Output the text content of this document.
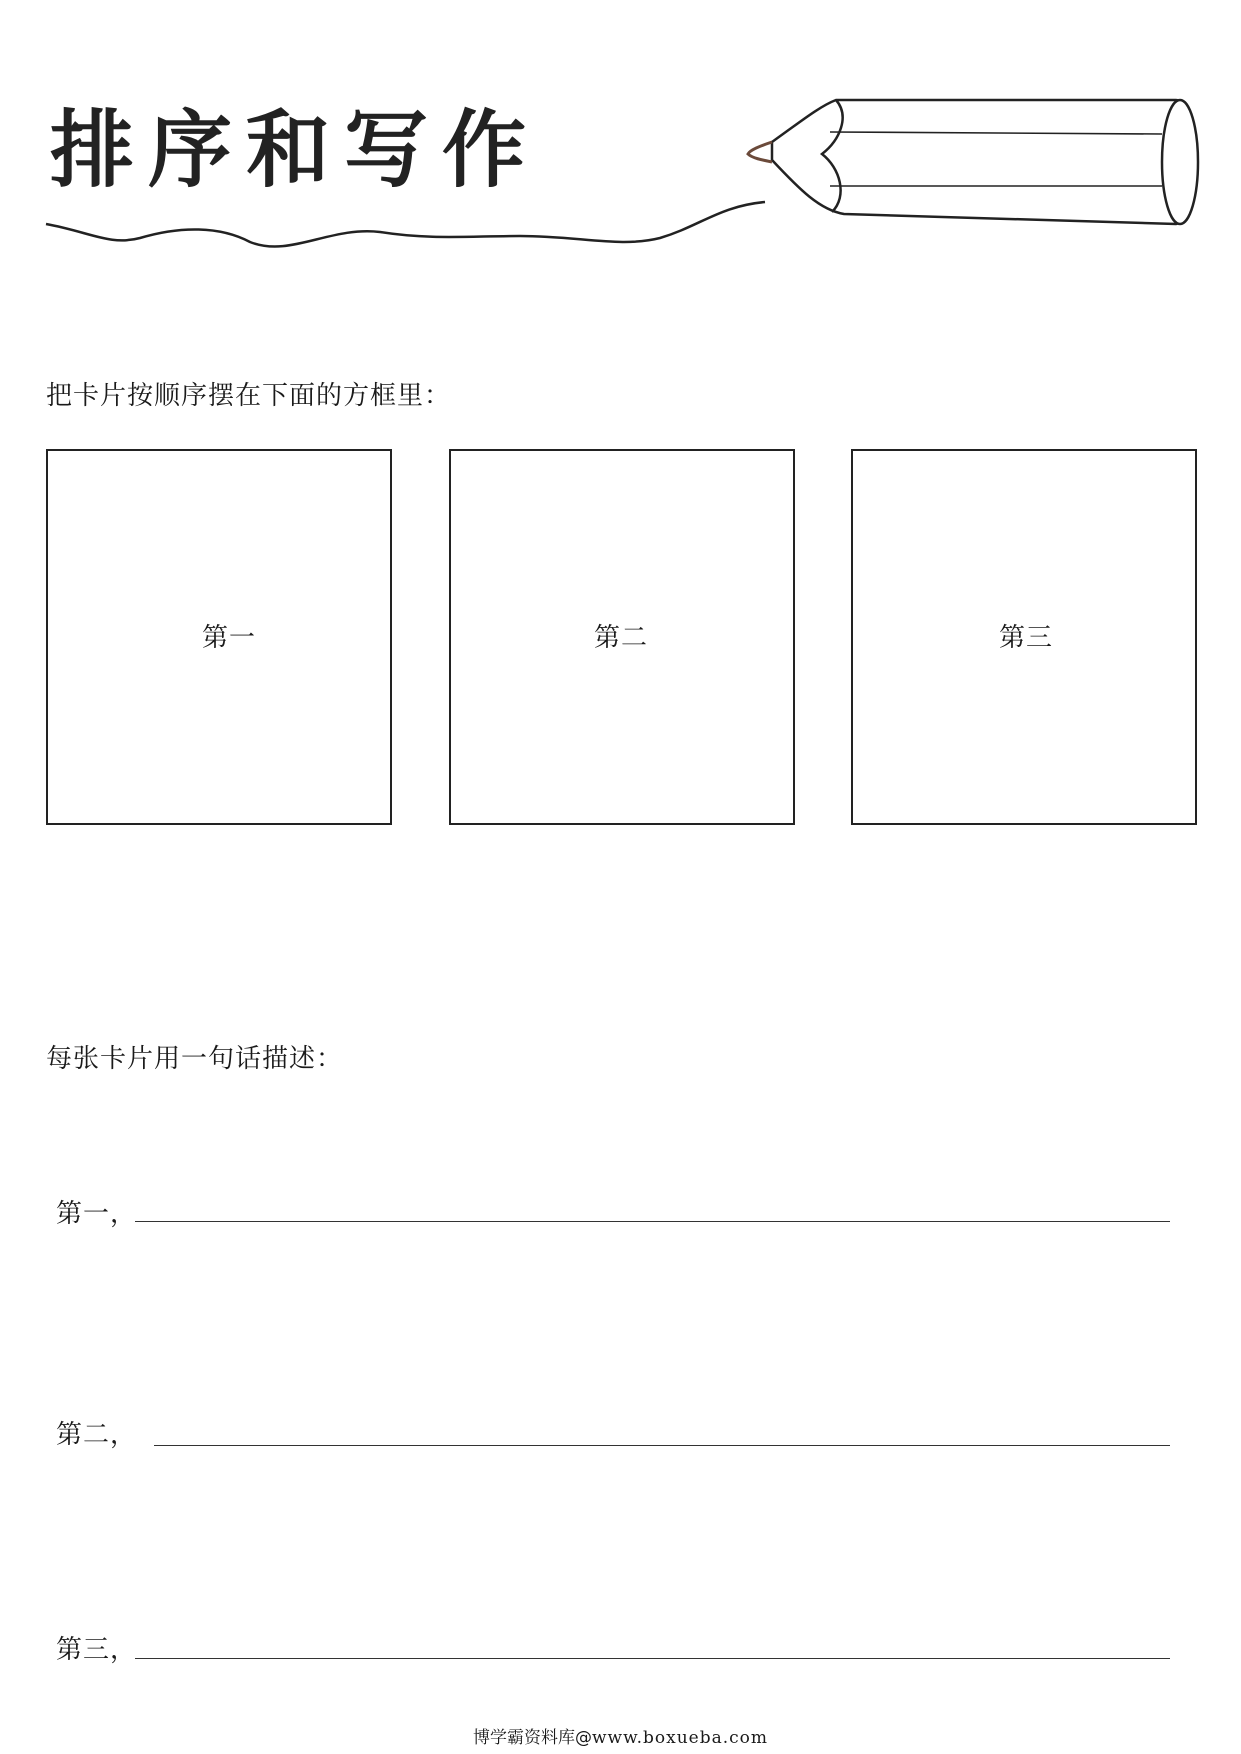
排序和写作
把卡片按顺序摆在下面的方框里：
第一	第二	第三
每张卡片用一句话描述：
第一，
第二，
第三，
博学霸资料库@www.boxueba.com
